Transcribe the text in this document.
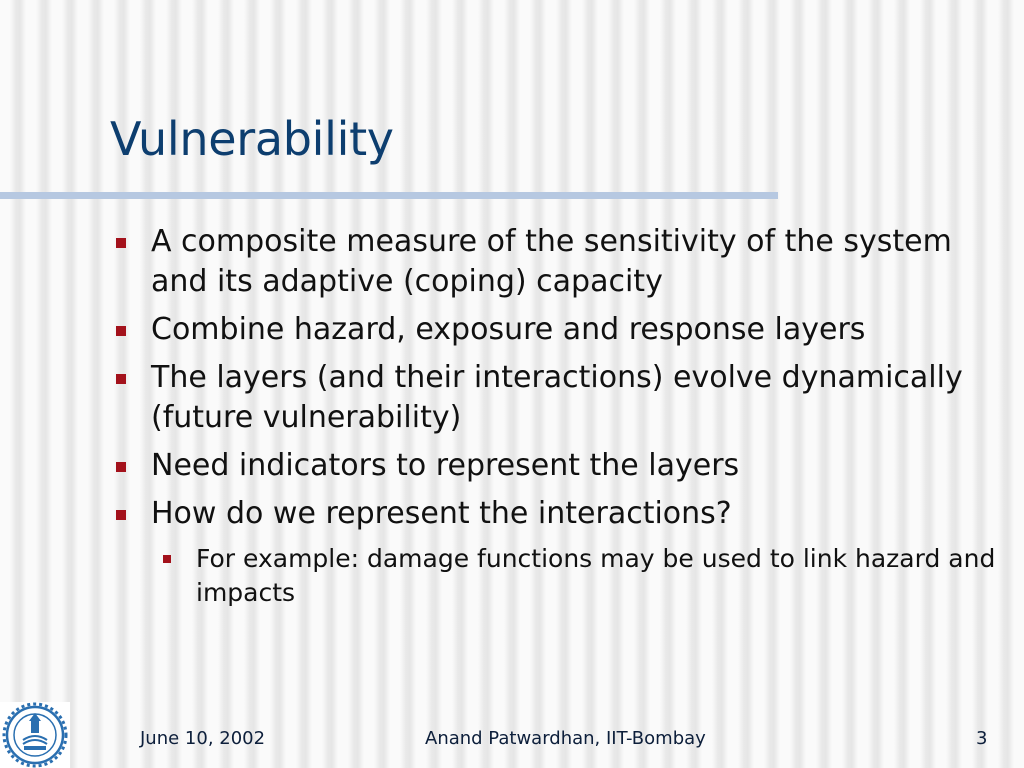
Vulnerability
A composite measure of the sensitivity of the system and its adaptive (coping) capacity
Combine hazard, exposure and response layers
The layers (and their interactions) evolve dynamically (future vulnerability)
Need indicators to represent the layers
How do we represent the interactions?
For example: damage functions may be used to link hazard and impacts
June 10, 2002	Anand Patwardhan, IIT-Bombay	3
